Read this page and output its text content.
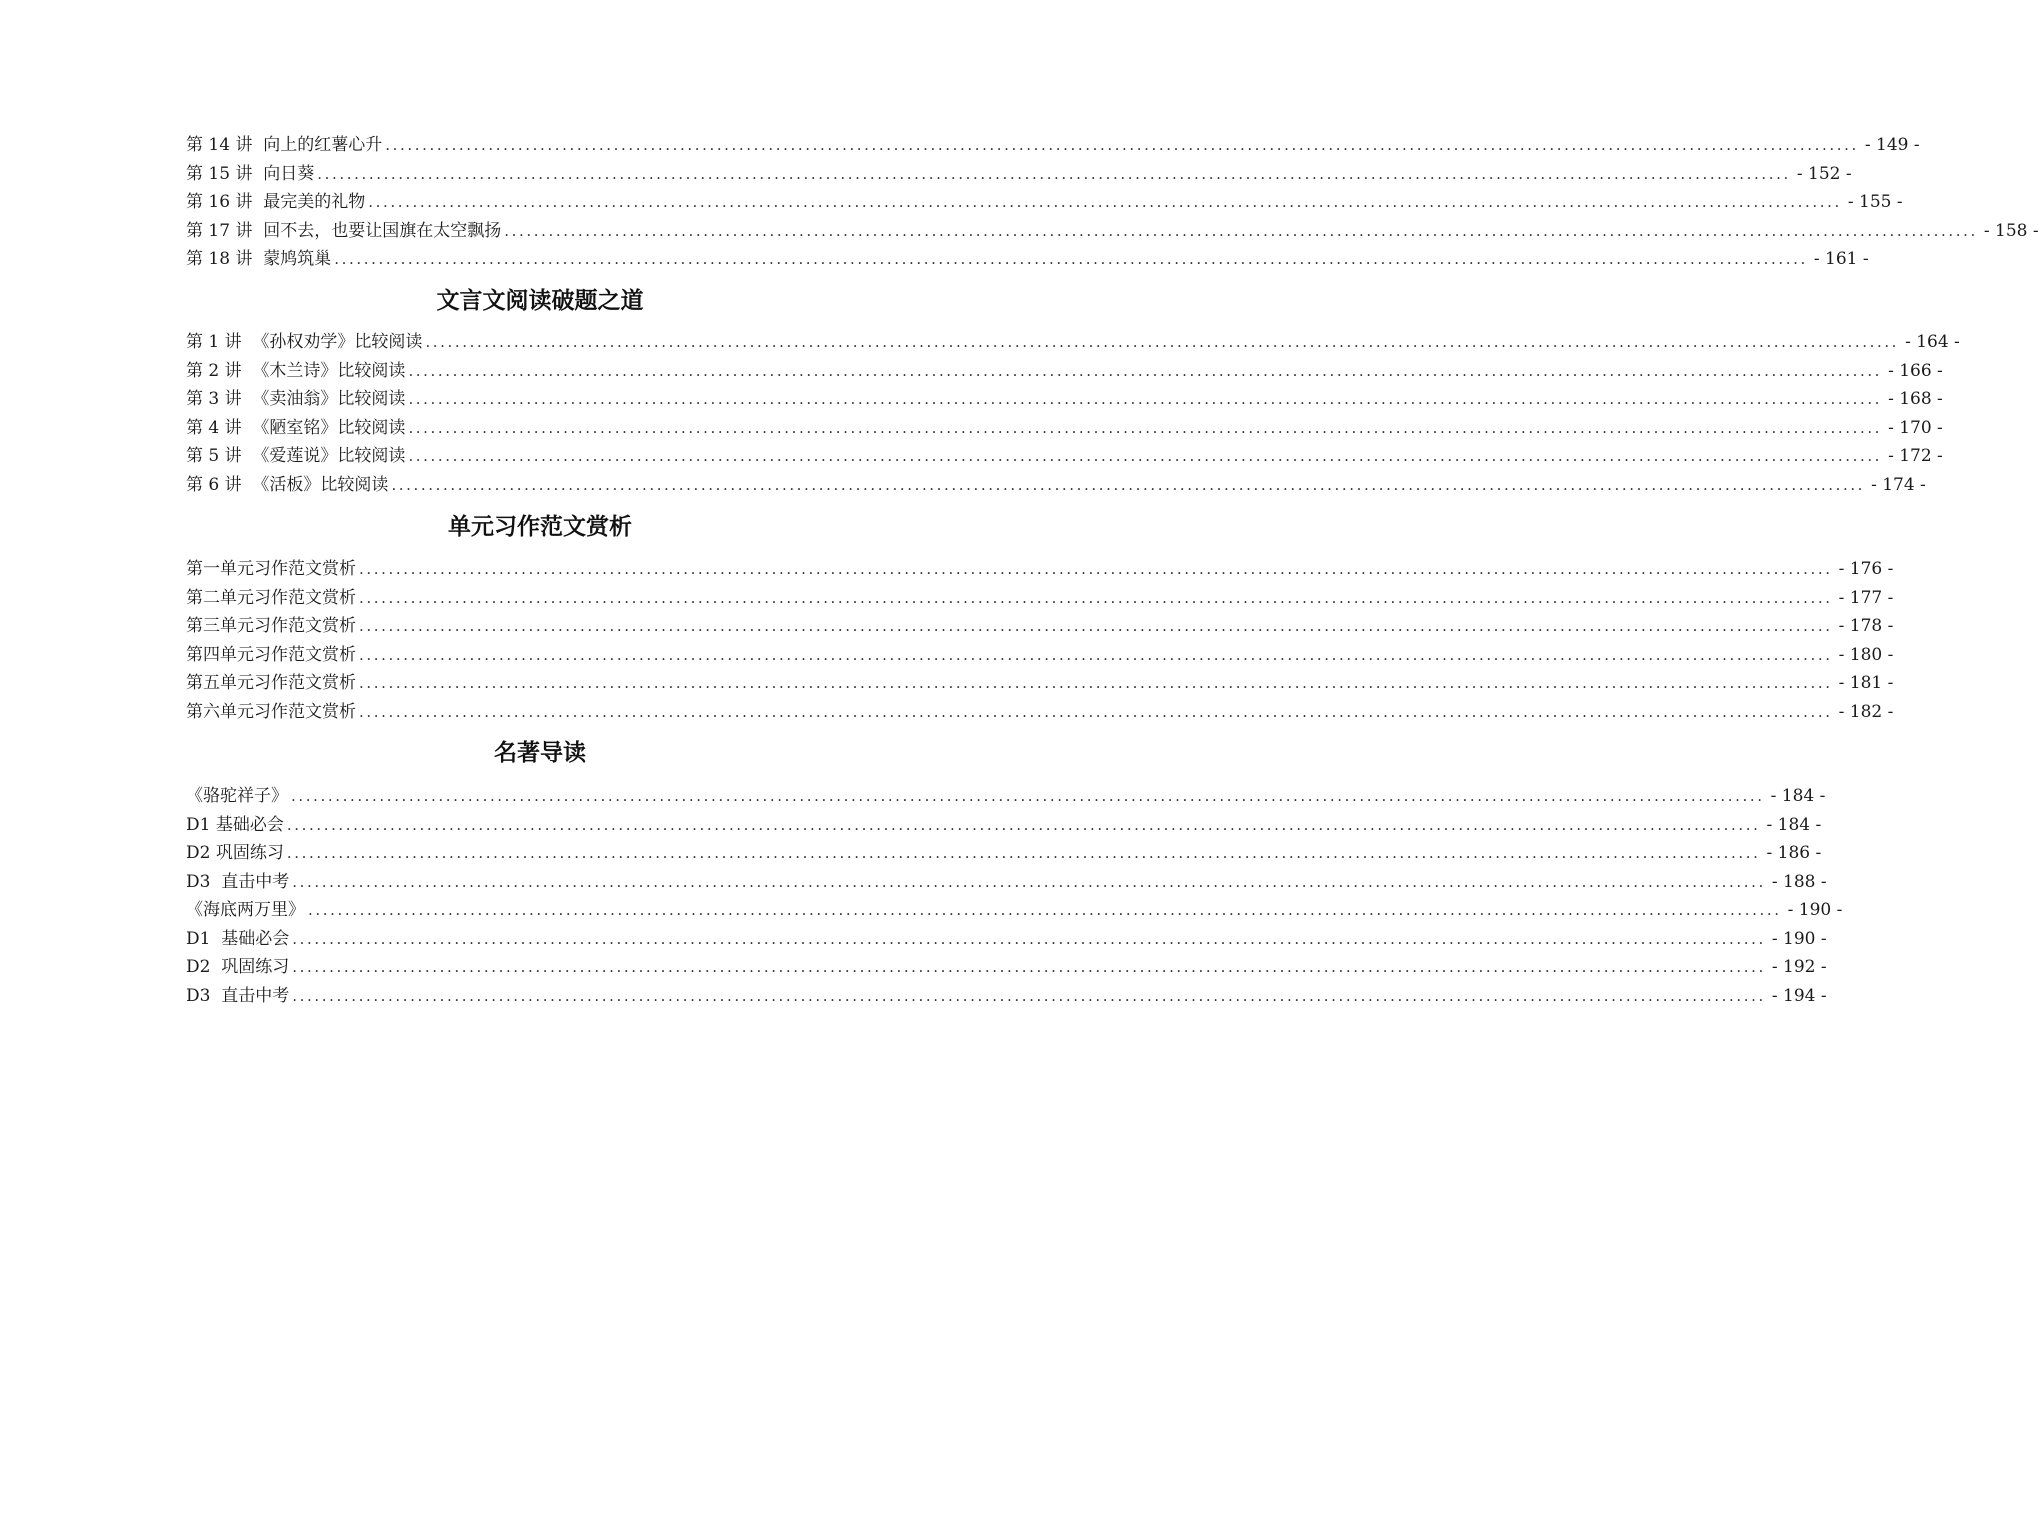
第 14 讲  向上的红薯心升 ........................................................................................................................................................................................................ - 149 -
第 15 讲  向日葵 ........................................................................................................................................................................................................ - 152 -
第 16 讲  最完美的礼物 ........................................................................................................................................................................................................ - 155 -
第 17 讲  回不去，也要让国旗在太空飘扬 ........................................................................................................................................................................................................ - 158 -
第 18 讲  蒙鸠筑巢 ........................................................................................................................................................................................................ - 161 -
文言文阅读破题之道
第 1 讲  《孙权劝学》比较阅读 ........................................................................................................................................................................................................ - 164 -
第 2 讲  《木兰诗》比较阅读 ........................................................................................................................................................................................................ - 166 -
第 3 讲  《卖油翁》比较阅读 ........................................................................................................................................................................................................ - 168 -
第 4 讲  《陋室铭》比较阅读 ........................................................................................................................................................................................................ - 170 -
第 5 讲  《爱莲说》比较阅读 ........................................................................................................................................................................................................ - 172 -
第 6 讲  《活板》比较阅读 ........................................................................................................................................................................................................ - 174 -
单元习作范文赏析
第一单元习作范文赏析 ........................................................................................................................................................................................................ - 176 -
第二单元习作范文赏析 ........................................................................................................................................................................................................ - 177 -
第三单元习作范文赏析 ........................................................................................................................................................................................................ - 178 -
第四单元习作范文赏析 ........................................................................................................................................................................................................ - 180 -
第五单元习作范文赏析 ........................................................................................................................................................................................................ - 181 -
第六单元习作范文赏析 ........................................................................................................................................................................................................ - 182 -
名著导读
《骆驼祥子》 ........................................................................................................................................................................................................ - 184 -
D1 基础必会 ........................................................................................................................................................................................................ - 184 -
D2 巩固练习 ........................................................................................................................................................................................................ - 186 -
D3  直击中考 ........................................................................................................................................................................................................ - 188 -
《海底两万里》 ........................................................................................................................................................................................................ - 190 -
D1  基础必会 ........................................................................................................................................................................................................ - 190 -
D2  巩固练习 ........................................................................................................................................................................................................ - 192 -
D3  直击中考 ........................................................................................................................................................................................................ - 194 -
